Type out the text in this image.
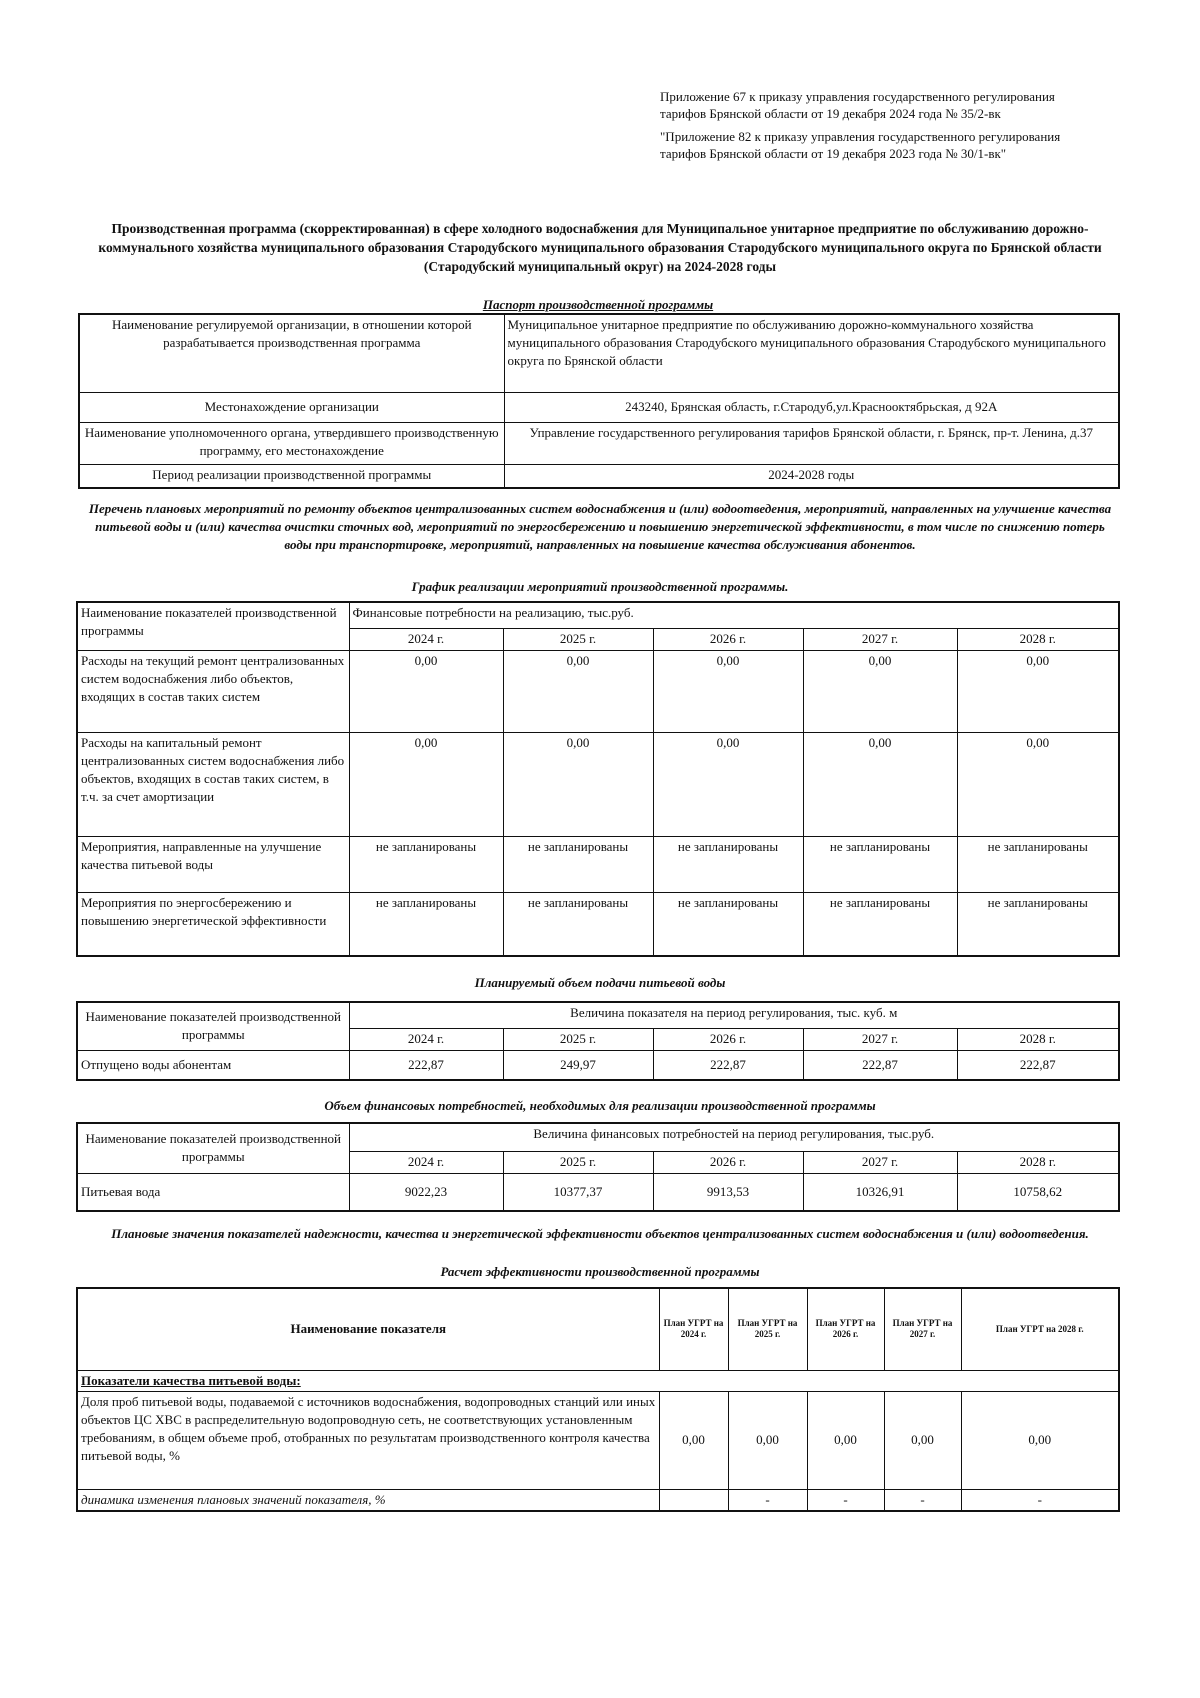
Приложение 67 к приказу управления государственного регулирования тарифов Брянской области от 19 декабря 2024 года № 35/2-вк

"Приложение 82 к приказу управления государственного регулирования тарифов Брянской области от 19 декабря 2023 года № 30/1-вк"

Производственная программа (скорректированная) в сфере холодного водоснабжения для Муниципальное унитарное предприятие по обслуживанию дорожно-коммунального хозяйства муниципального образования Стародубского муниципального образования Стародубского муниципального округа по Брянской области (Стародубский муниципальный округ) на 2024-2028 годы
Паспорт производственной программы
Наименование регулируемой организации, в отношении которой разрабатывается производственная программа	Муниципальное унитарное предприятие по обслуживанию дорожно-коммунального хозяйства муниципального образования Стародубского муниципального образования Стародубского муниципального округа по Брянской области
Местонахождение организации	243240, Брянская область, г.Стародуб,ул.Краснооктябрьская, д 92А
Наименование уполномоченного органа, утвердившего производственную программу, его местонахождение	Управление государственного регулирования тарифов Брянской области, г. Брянск, пр-т. Ленина, д.37
Период реализации производственной программы	2024-2028 годы
Перечень плановых мероприятий по ремонту объектов централизованных систем водоснабжения и (или) водоотведения, мероприятий, направленных на улучшение качества питьевой воды и (или) качества очистки сточных вод, мероприятий по энергосбережению и повышению энергетической эффективности, в том числе по снижению потерь воды при транспортировке, мероприятий, направленных на повышение качества обслуживания абонентов.
График реализации мероприятий производственной программы.
Наименование показателей производственной программы	Финансовые потребности на реализацию, тыс.руб.				
	2024 г.	2025 г.	2026 г.	2027 г.	2028 г.
Расходы на текущий ремонт централизованных систем водоснабжения либо объектов, входящих в состав таких систем	0,00	0,00	0,00	0,00	0,00
Расходы на капитальный ремонт централизованных систем водоснабжения либо объектов, входящих в состав таких систем, в т.ч. за счет амортизации	0,00	0,00	0,00	0,00	0,00
Мероприятия, направленные на улучшение качества питьевой воды	не запланированы	не запланированы	не запланированы	не запланированы	не запланированы
Мероприятия по энергосбережению и повышению энергетической эффективности	не запланированы	не запланированы	не запланированы	не запланированы	не запланированы
Планируемый объем подачи питьевой воды
Наименование показателей производственной программы	Величина показателя на период регулирования, тыс. куб. м				
	2024 г.	2025 г.	2026 г.	2027 г.	2028 г.
Отпущено воды абонентам	222,87	249,97	222,87	222,87	222,87
Объем финансовых потребностей, необходимых для реализации производственной программы
Наименование показателей производственной программы	Величина финансовых потребностей на период регулирования, тыс.руб.				
	2024 г.	2025 г.	2026 г.	2027 г.	2028 г.
Питьевая вода	9022,23	10377,37	9913,53	10326,91	10758,62
Плановые значения показателей надежности, качества и энергетической эффективности объектов централизованных систем водоснабжения и (или) водоотведения.
Расчет эффективности производственной программы
Наименование показателя	План УГРТ на 2024 г.	План УГРТ на 2025 г.	План УГРТ на 2026 г.	План УГРТ на 2027 г.	План УГРТ на 2028 г.
Показатели качества питьевой воды:					
Доля проб питьевой воды, подаваемой с источников водоснабжения, водопроводных станций или иных объектов ЦС ХВС в распределительную водопроводную сеть, не соответствующих установленным требованиям, в общем объеме проб, отобранных по результатам производственного контроля качества питьевой воды, %	0,00	0,00	0,00	0,00	0,00
динамика изменения плановых значений показателя, %		-	-	-	-
